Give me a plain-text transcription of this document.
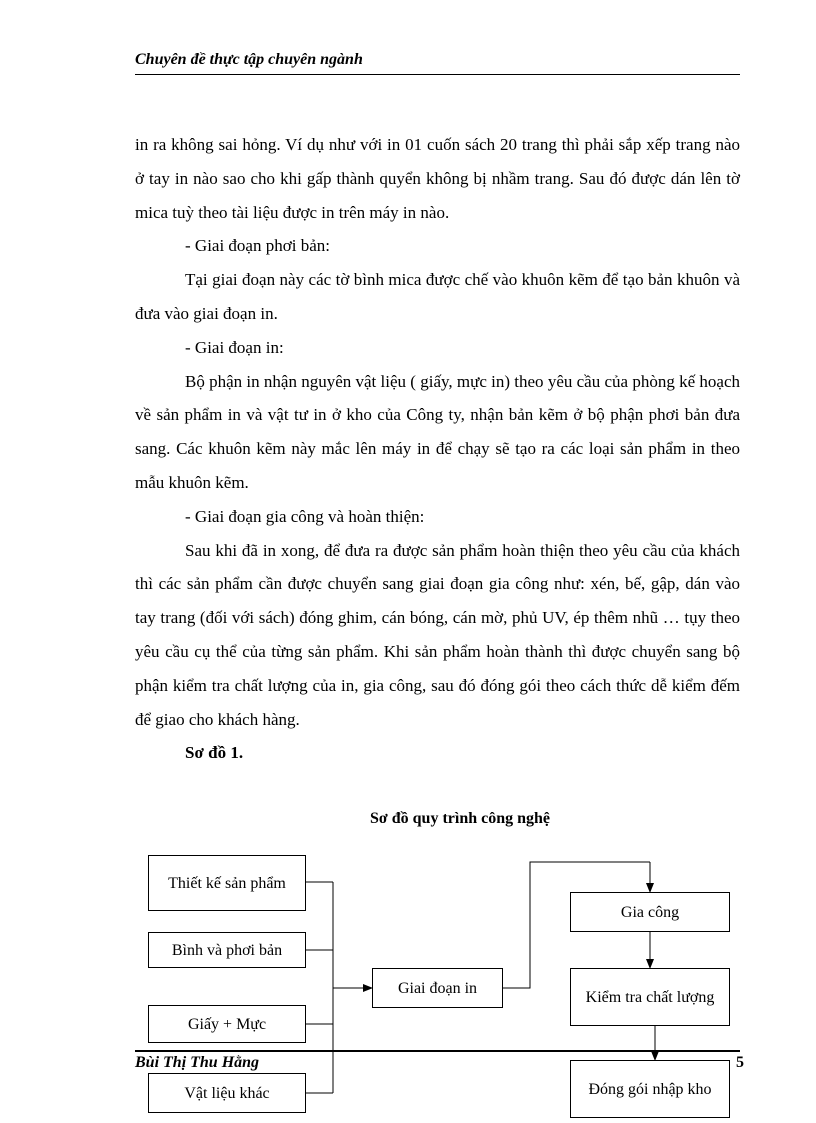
Chuyên đề thực tập chuyên ngành

in ra không sai hỏng. Ví dụ như với in 01 cuốn sách 20 trang thì phải sắp xếp trang nào ở tay in nào sao cho khi gấp thành quyển không bị nhầm trang. Sau đó được dán lên tờ mica tuỳ theo tài liệu được in trên máy in nào.

- Giai đoạn phơi bản:

Tại giai đoạn này các tờ bình mica được chế vào khuôn kẽm để tạo bản khuôn và đưa vào giai đoạn in.

- Giai đoạn in:

Bộ phận in nhận nguyên vật liệu ( giấy, mực in) theo yêu cầu của phòng kế hoạch về sản phẩm in và vật tư in ở kho của Công ty, nhận bản kẽm ở bộ phận phơi bản đưa sang. Các khuôn kẽm này mắc lên máy in để chạy sẽ tạo ra các loại sản phẩm in theo mẫu khuôn kẽm.

- Giai đoạn gia công và hoàn thiện:

Sau khi đã in xong, để đưa ra được sản phẩm hoàn thiện theo yêu cầu của khách thì các sản phẩm cần được chuyển sang giai đoạn gia công như: xén, bế, gập, dán vào tay trang (đối với sách) đóng ghim, cán bóng, cán mờ, phủ UV, ép thêm nhũ … tụy theo yêu cầu cụ thể của từng sản phẩm. Khi sản phẩm hoàn thành thì được chuyển sang bộ phận kiểm tra chất lượng của in, gia công, sau đó đóng gói theo cách thức dễ kiểm đếm để giao cho khách hàng.

Sơ đồ 1.

Sơ đồ quy trình công nghệ
Thiết kế sản phẩm
Bình và phơi bản
Giấy + Mực
Giai đoạn in
Gia công
Kiểm tra chất lượng
Bùi Thị Thu Hằng	5
Vật liệu khác	Đóng gói nhập kho
